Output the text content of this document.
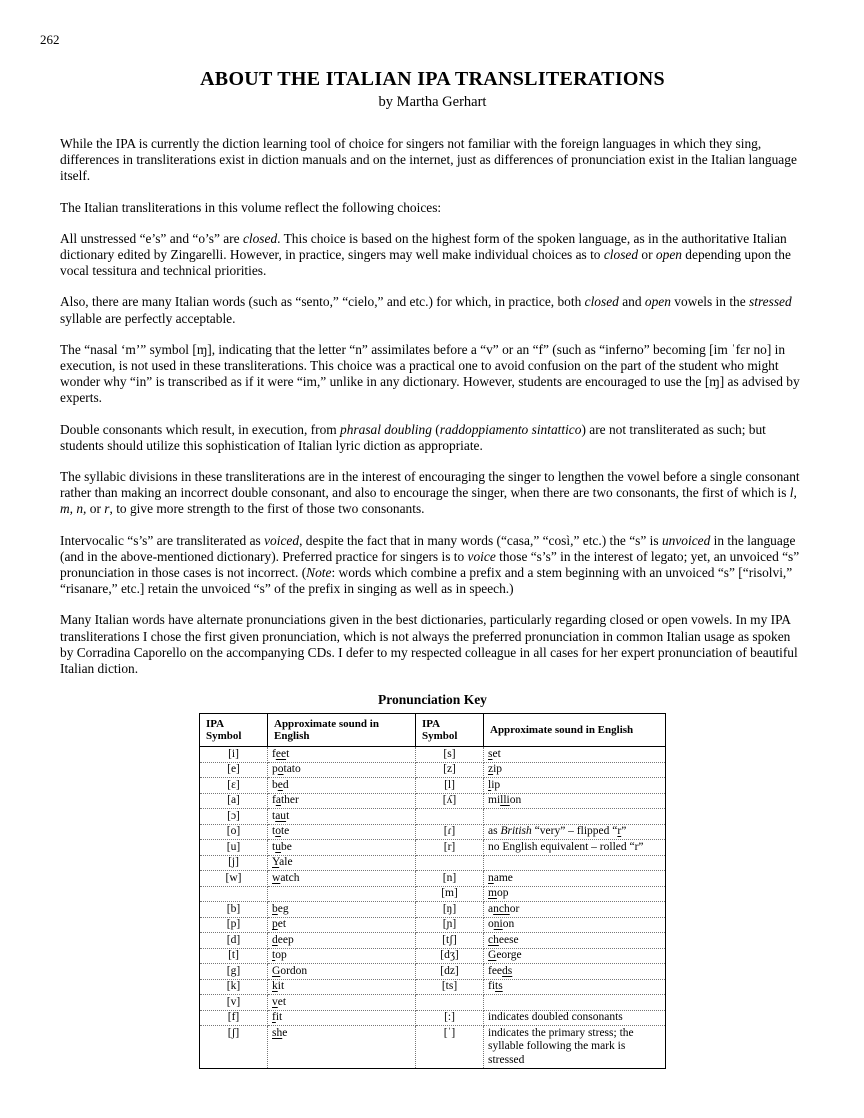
262
ABOUT THE ITALIAN IPA TRANSLITERATIONS
by Martha Gerhart

While the IPA is currently the diction learning tool of choice for singers not familiar with the foreign languages in which they sing, differences in transliterations exist in diction manuals and on the internet, just as differences of pronunciation exist in the Italian language itself.

The Italian transliterations in this volume reflect the following choices:

All unstressed “e’s” and “o’s” are closed. This choice is based on the highest form of the spoken language, as in the authoritative Italian dictionary edited by Zingarelli. However, in practice, singers may well make individual choices as to closed or open depending upon the vocal tessitura and technical priorities.

Also, there are many Italian words (such as “sento,” “cielo,” and etc.) for which, in practice, both closed and open vowels in the stressed syllable are perfectly acceptable.

The “nasal ‘m’” symbol [ɱ], indicating that the letter “n” assimilates before a “v” or an “f” (such as “inferno” becoming [im ˈfɛr no] in execution, is not used in these transliterations. This choice was a practical one to avoid confusion on the part of the student who might wonder why “in” is transcribed as if it were “im,” unlike in any dictionary. However, students are encouraged to use the [ɱ] as advised by experts.

Double consonants which result, in execution, from phrasal doubling (raddoppiamento sintattico) are not transliterated as such; but students should utilize this sophistication of Italian lyric diction as appropriate.

The syllabic divisions in these transliterations are in the interest of encouraging the singer to lengthen the vowel before a single consonant rather than making an incorrect double consonant, and also to encourage the singer, when there are two consonants, the first of which is l, m, n, or r, to give more strength to the first of those two consonants.

Intervocalic “s’s” are transliterated as voiced, despite the fact that in many words (“casa,” “così,” etc.) the “s” is unvoiced in the language (and in the above-mentioned dictionary). Preferred practice for singers is to voice those “s’s” in the interest of legato; yet, an unvoiced “s” pronunciation in those cases is not incorrect. (Note: words which combine a prefix and a stem beginning with an unvoiced “s” [“risolvi,” “risanare,” etc.] retain the unvoiced “s” of the prefix in singing as well as in speech.)

Many Italian words have alternate pronunciations given in the best dictionaries, particularly regarding closed or open vowels. In my IPA transliterations I chose the first given pronunciation, which is not always the preferred pronunciation in common Italian usage as spoken by Corradina Caporello on the accompanying CDs. I defer to my respected colleague in all cases for her expert pronunciation of beautiful Italian diction.

Pronunciation Key
IPA Symbol	Approximate sound in English	IPA Symbol	Approximate sound in English
[i]	feet	[s]	set
[e]	potato	[z]	zip
[ɛ]	bed	[l]	lip
[a]	father	[ʎ]	million
[ɔ]	taut		
[o]	tote	[ɾ]	as British “very” – flipped “r”
[u]	tube	[r]	no English equivalent – rolled “r”
[j]	Yale		
[w]	watch	[n]	name
		[m]	mop
[b]	beg	[ŋ]	anchor
[p]	pet	[ɲ]	onion
[d]	deep	[tʃ]	cheese
[t]	top	[dʒ]	George
[g]	Gordon	[dz]	feeds
[k]	kit	[ts]	fits
[v]	vet		
[f]	fit	[:]	indicates doubled consonants
[ʃ]	she	[ˈ]	indicates the primary stress; the syllable following the mark is stressed
